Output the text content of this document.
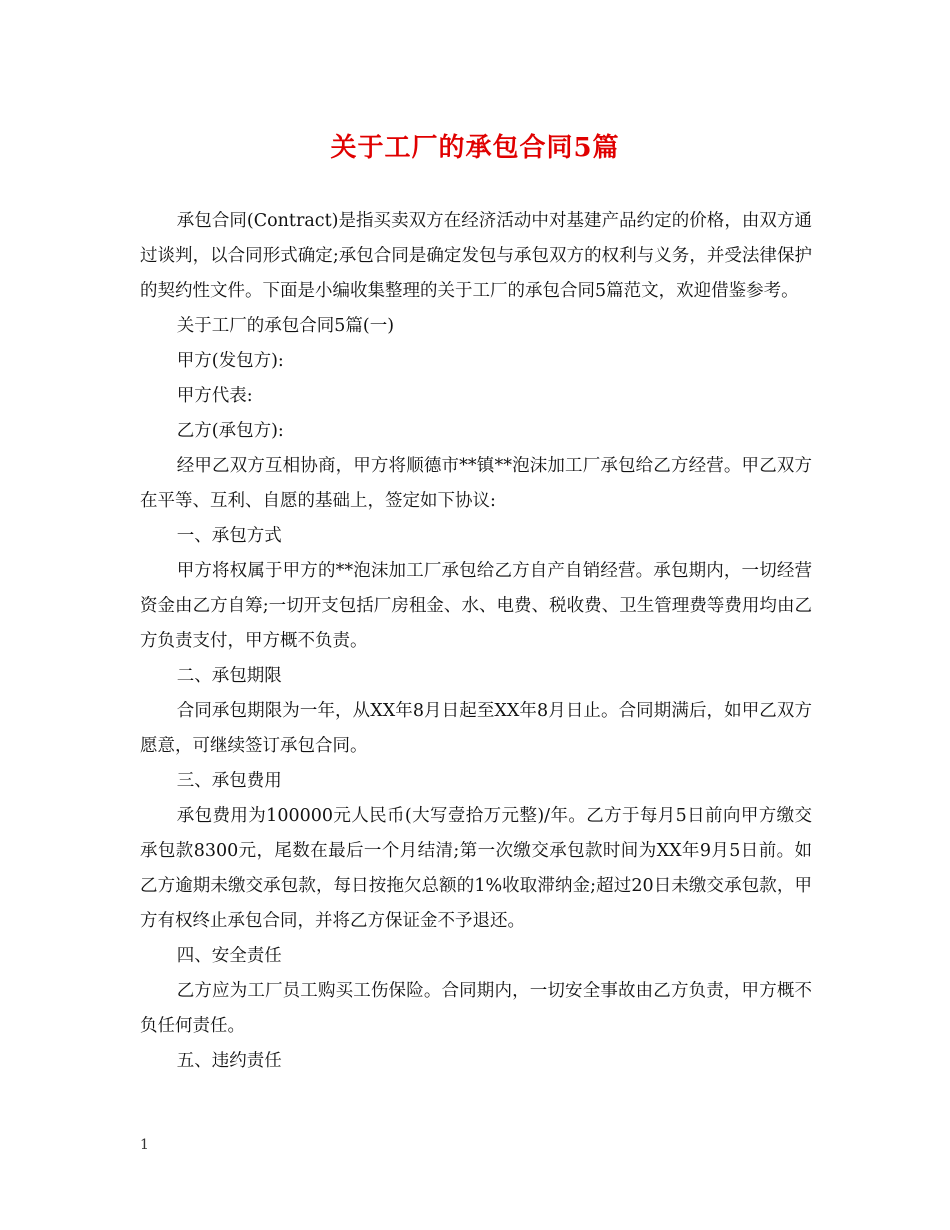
关于工厂的承包合同5篇

承包合同(Contract)是指买卖双方在经济活动中对基建产品约定的价格，由双方通过谈判，以合同形式确定;承包合同是确定发包与承包双方的权利与义务，并受法律保护的契约性文件。下面是小编收集整理的关于工厂的承包合同5篇范文，欢迎借鉴参考。

关于工厂的承包合同5篇(一)

甲方(发包方):

甲方代表:

乙方(承包方):

经甲乙双方互相协商，甲方将顺德市**镇**泡沫加工厂承包给乙方经营。甲乙双方在平等、互利、自愿的基础上，签定如下协议:

一、承包方式

甲方将权属于甲方的**泡沫加工厂承包给乙方自产自销经营。承包期内，一切经营资金由乙方自筹;一切开支包括厂房租金、水、电费、税收费、卫生管理费等费用均由乙方负责支付，甲方概不负责。

二、承包期限

合同承包期限为一年，从XX年8月日起至XX年8月日止。合同期满后，如甲乙双方愿意，可继续签订承包合同。

三、承包费用

承包费用为100000元人民币(大写壹拾万元整)/年。乙方于每月5日前向甲方缴交承包款8300元，尾数在最后一个月结清;第一次缴交承包款时间为XX年9月5日前。如乙方逾期未缴交承包款，每日按拖欠总额的1%收取滞纳金;超过20日未缴交承包款，甲方有权终止承包合同，并将乙方保证金不予退还。

四、安全责任

乙方应为工厂员工购买工伤保险。合同期内，一切安全事故由乙方负责，甲方概不负任何责任。

五、违约责任

1
